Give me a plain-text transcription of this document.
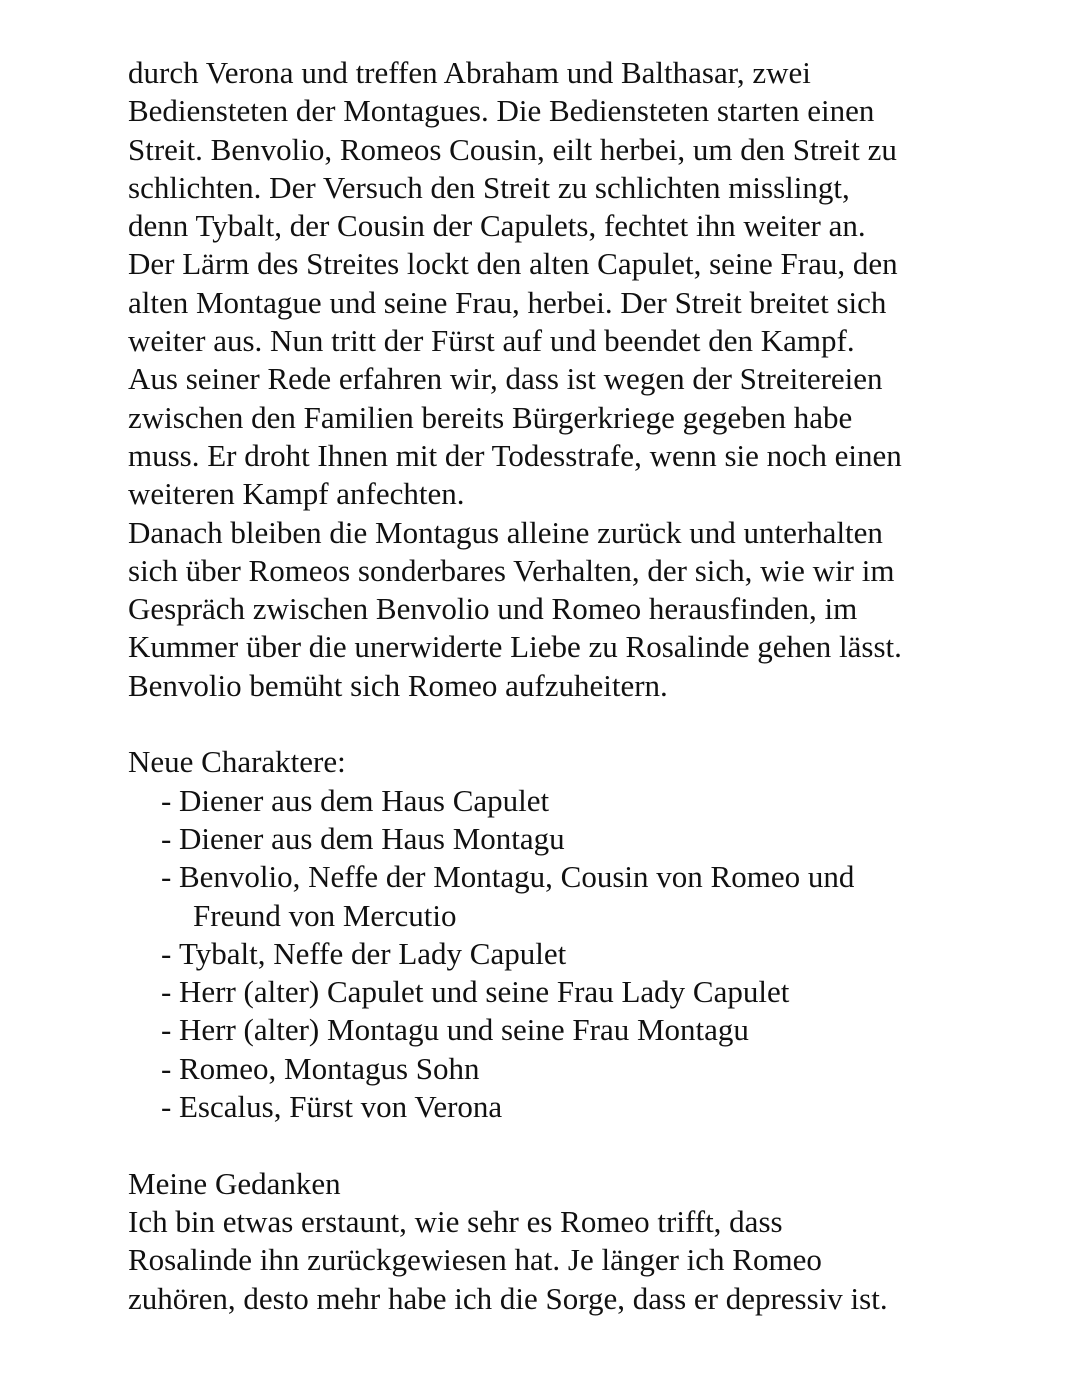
durch Verona und treffen Abraham und Balthasar, zwei
Bediensteten der Montagues. Die Bediensteten starten einen
Streit. Benvolio, Romeos Cousin, eilt herbei, um den Streit zu
schlichten. Der Versuch den Streit zu schlichten misslingt,
denn Tybalt, der Cousin der Capulets, fechtet ihn weiter an.
Der Lärm des Streites lockt den alten Capulet, seine Frau, den
alten Montague und seine Frau, herbei. Der Streit breitet sich
weiter aus. Nun tritt der Fürst auf und beendet den Kampf.
Aus seiner Rede erfahren wir, dass ist wegen der Streitereien
zwischen den Familien bereits Bürgerkriege gegeben habe
muss. Er droht Ihnen mit der Todesstrafe, wenn sie noch einen
weiteren Kampf anfechten.
Danach bleiben die Montagus alleine zurück und unterhalten
sich über Romeos sonderbares Verhalten, der sich, wie wir im
Gespräch zwischen Benvolio und Romeo herausfinden, im
Kummer über die unerwiderte Liebe zu Rosalinde gehen lässt.
Benvolio bemüht sich Romeo aufzuheitern.
Neue Charaktere:
- Diener aus dem Haus Capulet
- Diener aus dem Haus Montagu
- Benvolio, Neffe der Montagu, Cousin von Romeo und
Freund von Mercutio
- Tybalt, Neffe der Lady Capulet
- Herr (alter) Capulet und seine Frau Lady Capulet
- Herr (alter) Montagu und seine Frau Montagu
- Romeo, Montagus Sohn
- Escalus, Fürst von Verona
Meine Gedanken
Ich bin etwas erstaunt, wie sehr es Romeo trifft, dass
Rosalinde ihn zurückgewiesen hat. Je länger ich Romeo
zuhören, desto mehr habe ich die Sorge, dass er depressiv ist.
